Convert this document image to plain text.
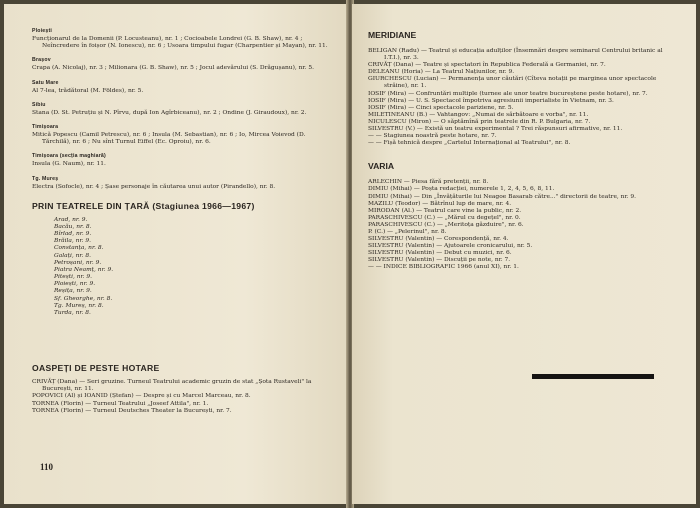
Ploiești

Funcționarul de la Domenii (P. Locusteanu), nr. 1 ; Cocioabele Londrei (G. B. Shaw), nr. 4 ; Neîncredere în foișor (N. Ionescu), nr. 6 ; Usoara timpului fugar (Charpentier și Mayan), nr. 11.

Brașov

Crapa (A. Nicolaj), nr. 3 ; Milionara (G. B. Shaw), nr. 5 ; Jocul adevărului (S. Drăgușanu), nr. 5.

Satu Mare

Al 7-lea, trădătoral (M. Földes), nr. 5.

Sibiu

Stana (D. St. Petruțiu și N. Pîrvu, după Ion Agîrbiceanu), nr. 2 ; Ondine (J. Giraudoux), nr. 2.

Timișoara

Mitică Popescu (Camil Petrescu), nr. 6 ; Insula (M. Sebastian), nr. 6 ; Io, Mircea Voievod (D. Tărchilă), nr. 6 ; Nu sînt Turnul Eiffel (Ec. Oproiu), nr. 6.

Timișoara (secția maghiară)

Insula (G. Naum), nr. 11.

Tg. Mureș

Electra (Sofocle), nr. 4 ; Șase personaje în căutarea unui autor (Pirandello), nr. 8.

PRIN TEATRELE DIN ȚARĂ (Stagiunea 1966—1967)
Arad, nr. 9.
Bacău, nr. 8.
Bîrlad, nr. 9.
Brăila, nr. 9.
Constanța, nr. 8.
Galați, nr. 8.
Petroșani, nr. 9.
Piatra Neamț, nr. 9.
Pitești, nr. 9.
Ploiești, nr. 9.
Reșița, nr. 9.
Sf. Gheorghe, nr. 8.
Tg. Mureș, nr. 8.
Turda, nr. 8.
OASPEȚI DE PESTE HOTARE

CRIVĂȚ (Dana) — Seri gruzine. Turneul Teatrului academic gruzin de stat „Șota Rustaveli" la București, nr. 11.

POPOVICI (Al) și IOANID (Ștefan) — Despre și cu Marcel Marceau, nr. 8.

TORNEA (Florin) — Turneul Teatrului „Joseef Attila", nr. 1.

TORNEA (Florin) — Turneul Deutsches Theater la București, nr. 7.

110
MERIDIANE

BELIGAN (Radu) — Teatrul și educația adulților (Însemnări despre seminarul Centrului britanic al I.T.I.), nr. 3.

CRIVĂȚ (Dana) — Teatre și spectatori în Republica Federală a Germaniei, nr. 7.

DELEANU (Horia) — La Teatrul Națiunilor, nr. 9.

GIURCHESCU (Lucian) — Permanența unor căutări (Cîteva notații pe marginea unor spectacole străine), nr. 1.

IOSIF (Mira) — Confruntări multiple (turnee ale unor teatre bucureștene peste hotare), nr. 7.

IOSIF (Mira) — U. S. Spectacol împotriva agresiunii imperialiste în Vietnam, nr. 3.

IOSIF (Mira) — Cinci spectacole pariziene, nr. 5.

MILETINEANU (B.) — Vahtangov: „Numai de sărbătoare e vorba", nr. 11.

NICULESCU (Miron) — O săptămînă prin teatrele din R. P. Bulgaria, nr. 7.

SILVESTRU (V.) — Există un teatru experimental ? Trei răspunsuri afirmative, nr. 11.

— — Stagiunea noastră peste hotare, nr. 7.

— — Fișă tehnică despre „Cartelul Internațional al Teatrului", nr. 8.

VARIA

ARLECHIN — Piesa fără pretenții, nr. 8.

DIMIU (Mihai) — Poșta redacției, numerele 1, 2, 4, 5, 6, 8, 11.

DIMIU (Mihai) — Din „Învățăturile lui Neagoe Basarab către..." directorii de teatre, nr. 9.

MAZILU (Teodor) — Bătrînul lup de mare, nr. 4.

MIRODAN (Al.) — Teatrul care vine la public, nr. 2.

PARASCHIVESCU (C.) — „Mărul cu degețel", nr. 0.

PARASCHIVESCU (C.) — „Meritoța găzduire", nr. 6.

P. (C.) — „Pelerinul", nr. 8.

SILVESTRU (Valentin) — Corespondență, nr. 4.

SILVESTRU (Valentin) — Ajutoarele cronicarului, nr. 5.

SILVESTRU (Valentin) — Debut cu muzici, nr. 6.

SILVESTRU (Valentin) — Discuții pe note, nr. 7.

— — INDICE BIBLIOGRAFIC 1966 (anul XI), nr. 1.
